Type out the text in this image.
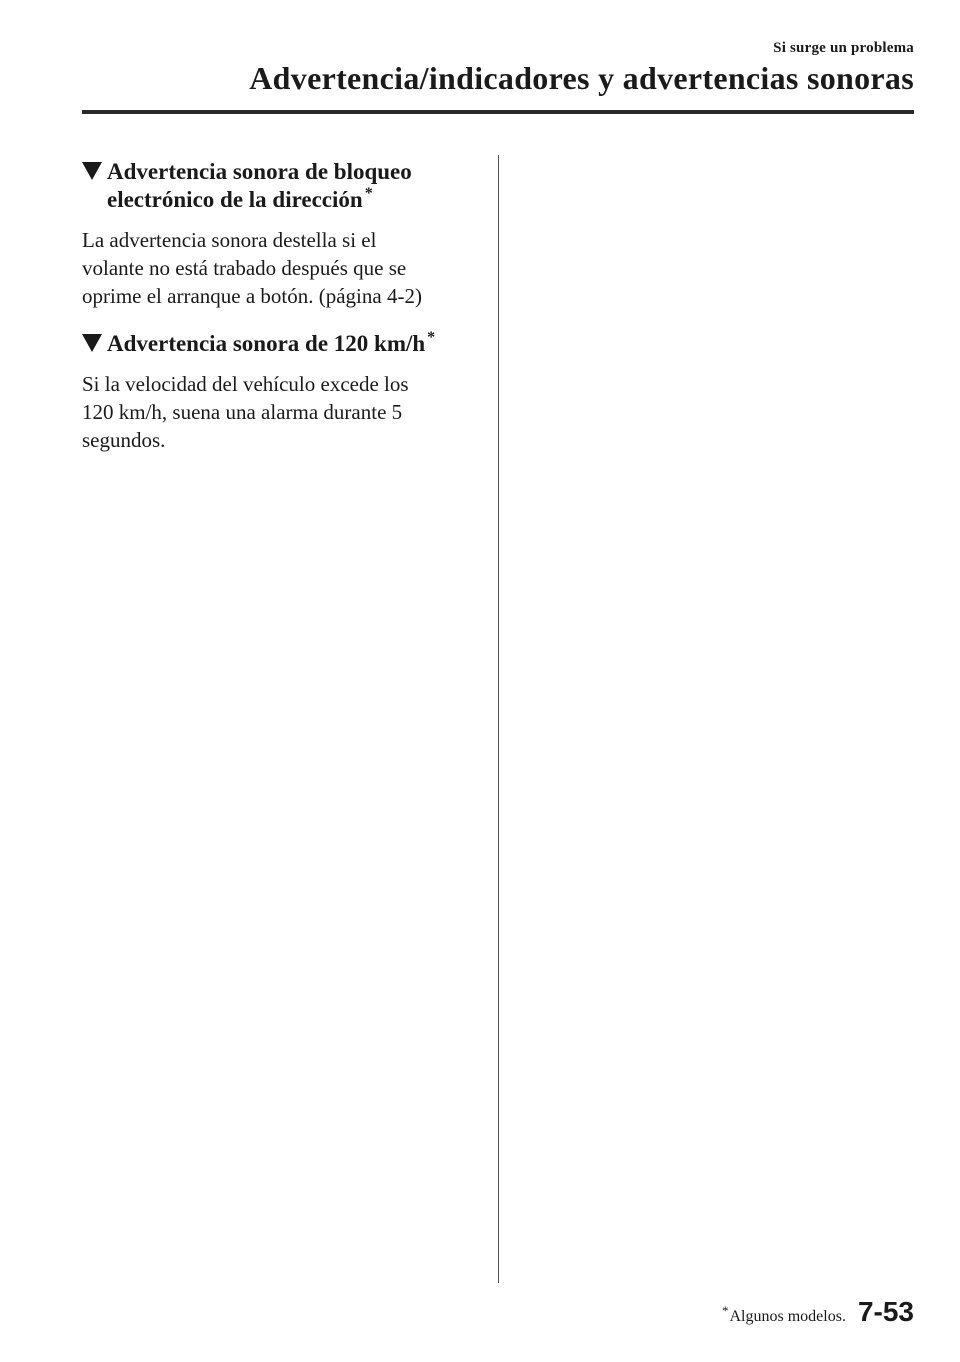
Si surge un problema
Advertencia/indicadores y advertencias sonoras
Advertencia sonora de bloqueo
electrónico de la dirección *
La advertencia sonora destella si el
volante no está trabado después que se
oprime el arranque a botón. (página 4-2)
Advertencia sonora de 120 km/h *
Si la velocidad del vehículo excede los
120 km/h, suena una alarma durante 5
segundos.
*Algunos modelos. 7-53
